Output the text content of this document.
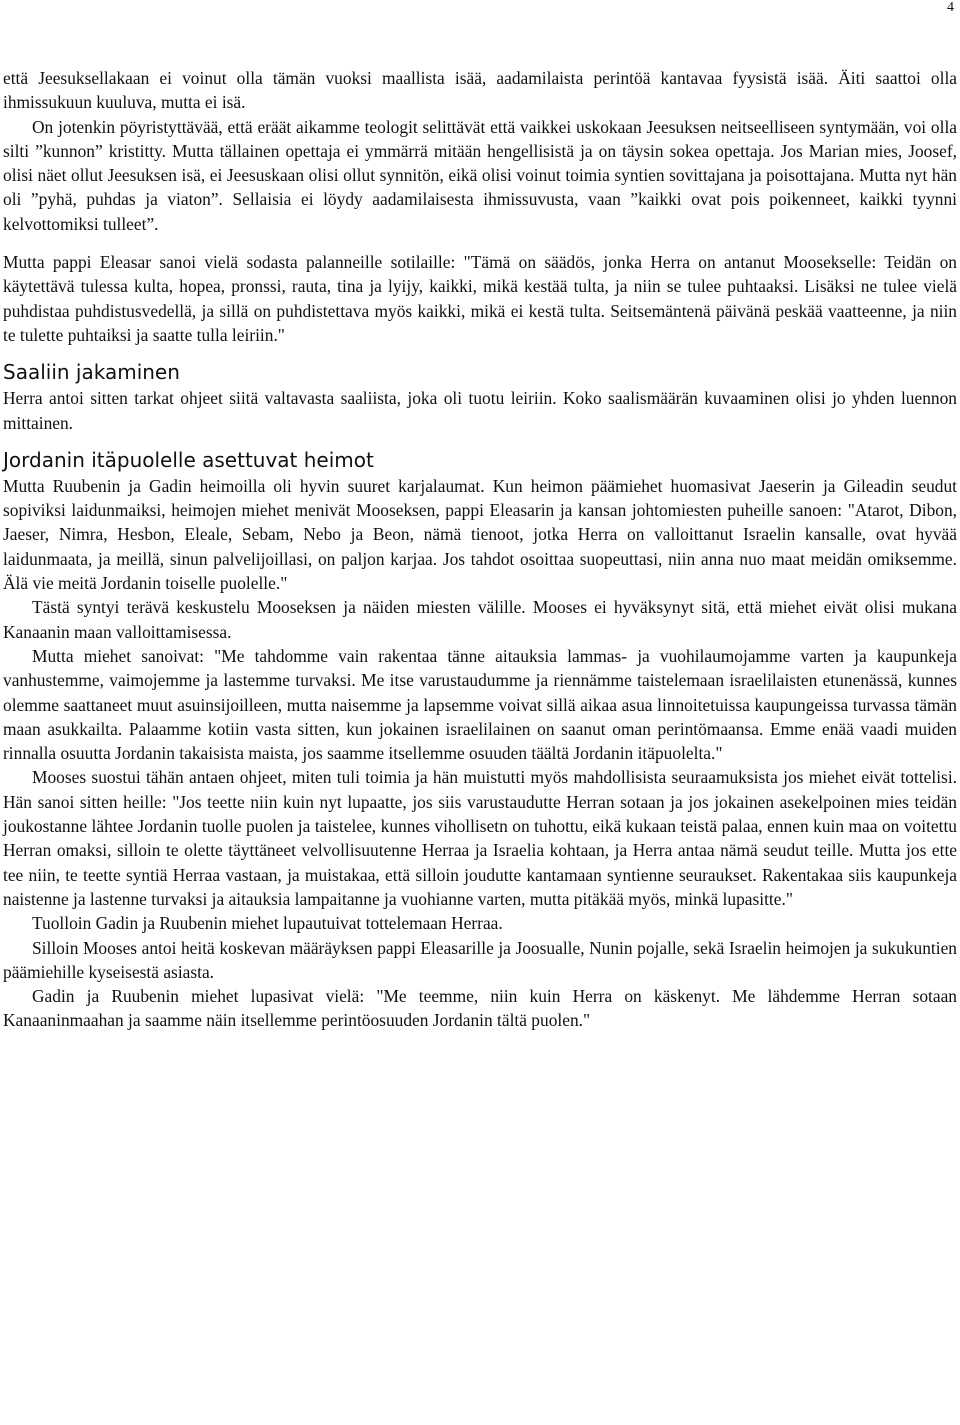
4

että Jeesuksellakaan ei voinut olla tämän vuoksi maallista isää, aadamilaista perintöä kantavaa fyysistä isää. Äiti saattoi olla ihmissukuun kuuluva, mutta ei isä.

On jotenkin pöyristyttävää, että eräät aikamme teologit selittävät että vaikkei uskokaan Jeesuksen neitseelliseen syntymään, voi olla silti ”kunnon” kristitty. Mutta tällainen opettaja ei ymmärrä mitään hengellisistä ja on täysin sokea opettaja. Jos Marian mies, Joosef, olisi näet ollut Jeesuksen isä, ei Jeesuskaan olisi ollut synnitön, eikä olisi voinut toimia syntien sovittajana ja poisottajana. Mutta nyt hän oli ”pyhä, puhdas ja viaton”. Sellaisia ei löydy aadamilaisesta ihmissuvusta, vaan ”kaikki ovat pois poikenneet, kaikki tyynni kelvottomiksi tulleet”.

Mutta pappi Eleasar sanoi vielä sodasta palanneille sotilaille: "Tämä on säädös, jonka Herra on antanut Moosekselle: Teidän on käytettävä tulessa kulta, hopea, pronssi, rauta, tina ja lyijy, kaikki, mikä kestää tulta, ja niin se tulee puhtaaksi. Lisäksi ne tulee vielä puhdistaa puhdistusvedellä, ja sillä on puhdistettava myös kaikki, mikä ei kestä tulta. Seitsemäntenä päivänä peskää vaatteenne, ja niin te tulette puhtaiksi ja saatte tulla leiriin."

Saaliin jakaminen

Herra antoi sitten tarkat ohjeet siitä valtavasta saaliista, joka oli tuotu leiriin. Koko saalismäärän kuvaaminen olisi jo yhden luennon mittainen.

Jordanin itäpuolelle asettuvat heimot

Mutta Ruubenin ja Gadin heimoilla oli hyvin suuret karjalaumat. Kun heimon päämiehet huomasivat Jaeserin ja Gileadin seudut sopiviksi laidunmaiksi, heimojen miehet menivät Mooseksen, pappi Eleasarin ja kansan johtomiesten puheille sanoen: "Atarot, Dibon, Jaeser, Nimra, Hesbon, Eleale, Sebam, Nebo ja Beon, nämä tienoot, jotka Herra on valloittanut Israelin kansalle, ovat hyvää laidunmaata, ja meillä, sinun palvelijoillasi, on paljon karjaa. Jos tahdot osoittaa suopeuttasi, niin anna nuo maat meidän omiksemme. Älä vie meitä Jordanin toiselle puolelle."

Tästä syntyi terävä keskustelu Mooseksen ja näiden miesten välille. Mooses ei hyväksynyt sitä, että miehet eivät olisi mukana Kanaanin maan valloittamisessa.

Mutta miehet sanoivat: "Me tahdomme vain rakentaa tänne aitauksia lammas- ja vuohilaumojamme varten ja kaupunkeja vanhustemme, vaimojemme ja lastemme turvaksi. Me itse varustaudumme ja riennämme taistelemaan israelilaisten etunenässä, kunnes olemme saattaneet muut asuinsijoilleen, mutta naisemme ja lapsemme voivat sillä aikaa asua linnoitetuissa kaupungeissa turvassa tämän maan asukkailta. Palaamme kotiin vasta sitten, kun jokainen israelilainen on saanut oman perintömaansa. Emme enää vaadi muiden rinnalla osuutta Jordanin takaisista maista, jos saamme itsellemme osuuden täältä Jordanin itäpuolelta."

Mooses suostui tähän antaen ohjeet, miten tuli toimia ja hän muistutti myös mahdollisista seuraamuksista jos miehet eivät tottelisi. Hän sanoi sitten heille: "Jos teette niin kuin nyt lupaatte, jos siis varustaudutte Herran sotaan ja jos jokainen asekelpoinen mies teidän joukostanne lähtee Jordanin tuolle puolen ja taistelee, kunnes vihollisetn on tuhottu, eikä kukaan teistä palaa, ennen kuin maa on voitettu Herran omaksi, silloin te olette täyttäneet velvollisuutenne Herraa ja Israelia kohtaan, ja Herra antaa nämä seudut teille. Mutta jos ette tee niin, te teette syntiä Herraa vastaan, ja muistakaa, että silloin joudutte kantamaan syntienne seuraukset. Rakentakaa siis kaupunkeja naistenne ja lastenne turvaksi ja aitauksia lampaitanne ja vuohianne varten, mutta pitäkää myös, minkä lupasitte."

Tuolloin Gadin ja Ruubenin miehet lupautuivat tottelemaan Herraa.

Silloin Mooses antoi heitä koskevan määräyksen pappi Eleasarille ja Joosualle, Nunin pojalle, sekä Israelin heimojen ja sukukuntien päämiehille kyseisestä asiasta.

Gadin ja Ruubenin miehet lupasivat vielä: "Me teemme, niin kuin Herra on käskenyt. Me lähdemme Herran sotaan Kanaaninmaahan ja saamme näin itsellemme perintöosuuden Jordanin tältä puolen."
